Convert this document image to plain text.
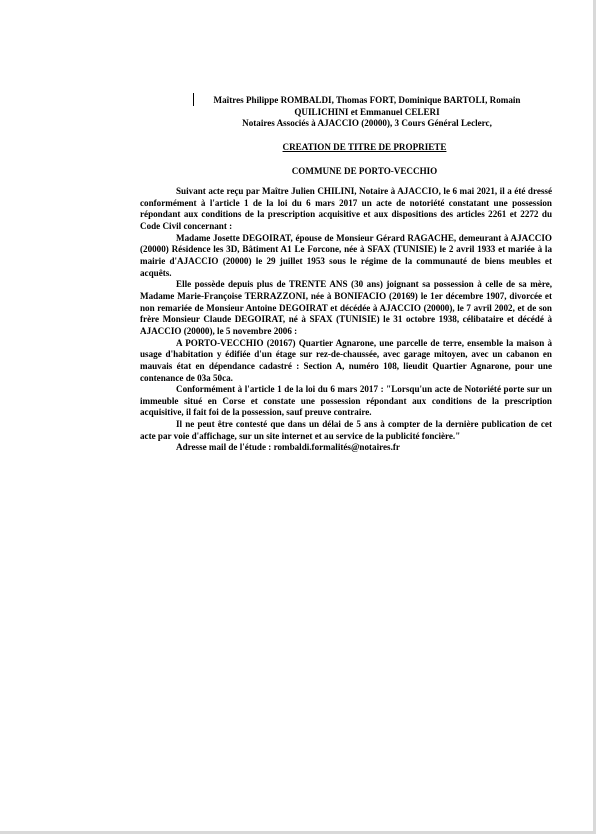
Maîtres Philippe ROMBALDI, Thomas FORT, Dominique BARTOLI, Romain
QUILICHINI et Emmanuel CELERI
Notaires Associés à AJACCIO (20000), 3 Cours Général Leclerc,
CREATION DE TITRE DE PROPRIETE
COMMUNE DE PORTO-VECCHIO

Suivant acte reçu par Maître Julien CHILINI, Notaire à AJACCIO, le 6 mai 2021, il a été dressé conformément à l'article 1 de la loi du 6 mars 2017 un acte de notoriété constatant une possession répondant aux conditions de la prescription acquisitive et aux dispositions des articles 2261 et 2272 du Code Civil concernant :

Madame Josette DEGOIRAT, épouse de Monsieur Gérard RAGACHE, demeurant à AJACCIO (20000) Résidence les 3D, Bâtiment A1 Le Forcone, née à SFAX (TUNISIE) le 2 avril 1933 et mariée à la mairie d'AJACCIO (20000) le 29 juillet 1953 sous le régime de la communauté de biens meubles et acquêts.

Elle possède depuis plus de TRENTE ANS (30 ans) joignant sa possession à celle de sa mère, Madame Marie-Françoise TERRAZZONI, née à BONIFACIO (20169) le 1er décembre 1907, divorcée et non remariée de Monsieur Antoine DEGOIRAT et décédée à AJACCIO (20000), le 7 avril 2002, et de son frère Monsieur Claude DEGOIRAT, né à SFAX (TUNISIE) le 31 octobre 1938, célibataire et décédé à AJACCIO (20000), le 5 novembre 2006 :

A PORTO-VECCHIO (20167) Quartier Agnarone, une parcelle de terre, ensemble la maison à usage d'habitation y édifiée d'un étage sur rez-de-chaussée, avec garage mitoyen, avec un cabanon en mauvais état en dépendance cadastré : Section A, numéro 108, lieudit Quartier Agnarone, pour une contenance de 03a 50ca.

Conformément à l'article 1 de la loi du 6 mars 2017 : "Lorsqu'un acte de Notoriété porte sur un immeuble situé en Corse et constate une possession répondant aux conditions de la prescription acquisitive, il fait foi de la possession, sauf preuve contraire.

Il ne peut être contesté que dans un délai de 5 ans à compter de la dernière publication de cet acte par voie d'affichage, sur un site internet et au service de la publicité foncière."

Adresse mail de l'étude : rombaldi.formalités@notaires.fr
